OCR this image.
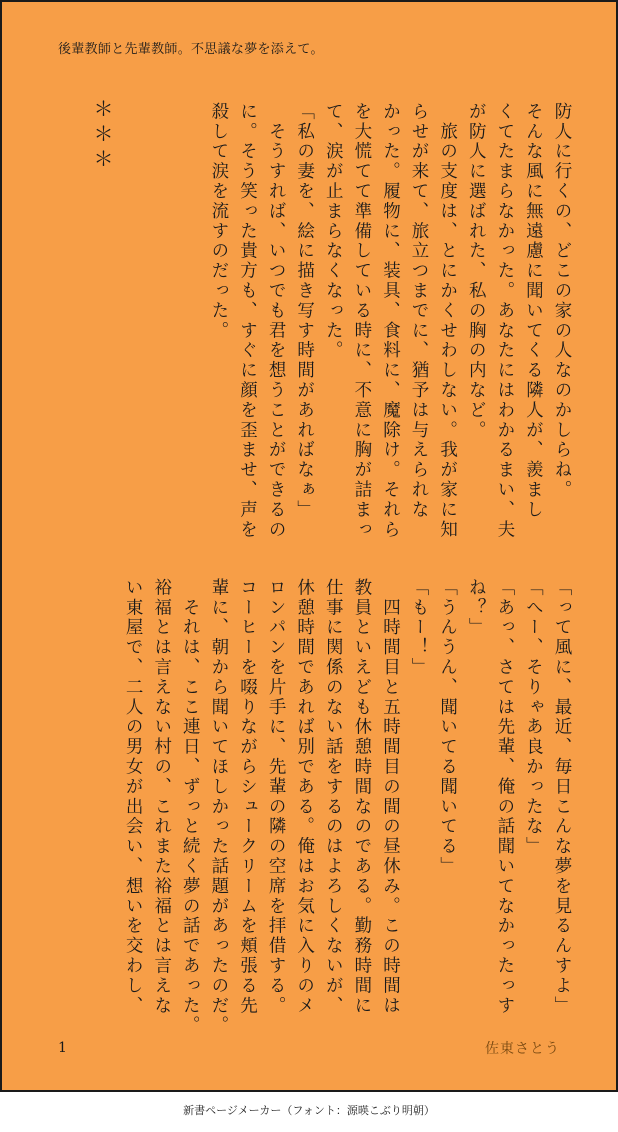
後輩教師と先輩教師。不思議な夢を添えて。
防人に行くの、どこの家の人なのかしらね。
そんな風に無遠慮に聞いてくる隣人が、羨まし
くてたまらなかった。あなたにはわかるまい、夫
が防人に選ばれた、私の胸の内など。
　旅の支度は、とにかくせわしない。我が家に知
らせが来て、旅立つまでに、猶予は与えられな
かった。履物に、装具、食料に、魔除け。それら
を大慌てて準備している時に、不意に胸が詰まっ
て、涙が止まらなくなった。
「私の妻を、絵に描き写す時間があればなぁ」
　そうすれば、いつでも君を想うことができるの
に。そう笑った貴方も、すぐに顔を歪ませ、声を
殺して涙を流すのだった。
＊＊＊
「って風に、最近、毎日こんな夢を見るんすよ」
「へー、そりゃあ良かったな」
「あっ、さては先輩、俺の話聞いてなかったっす
ね？」
「うんうん、聞いてる聞いてる」
「もー！」
　四時間目と五時間目の間の昼休み。この時間は
教員といえども休憩時間なのである。勤務時間に
仕事に関係のない話をするのはよろしくないが、
休憩時間であれば別である。俺はお気に入りのメ
ロンパンを片手に、先輩の隣の空席を拝借する。
コーヒーを啜りながらシュークリームを頬張る先
輩に、朝から聞いてほしかった話題があったのだ。
　それは、ここ連日、ずっと続く夢の話であった。
裕福とは言えない村の、これまた裕福とは言えな
い東屋で、二人の男女が出会い、想いを交わし、
1	佐東さとう
新書ページメーカー（フォント：源暎こぶり明朝）
